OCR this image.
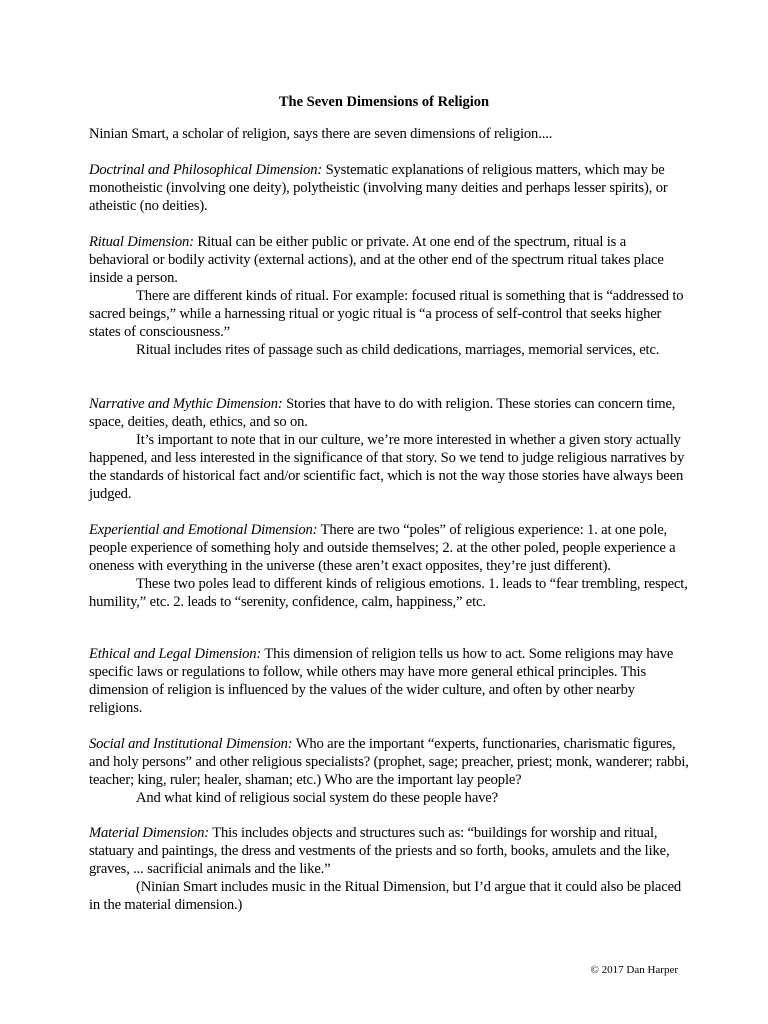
The Seven Dimensions of Religion

Ninian Smart, a scholar of religion, says there are seven dimensions of religion....

Doctrinal and Philosophical Dimension: Systematic explanations of religious matters, which may be monotheistic (involving one deity), polytheistic (involving many deities and perhaps lesser spirits), or atheistic (no deities).

Ritual Dimension: Ritual can be either public or private. At one end of the spectrum, ritual is a behavioral or bodily activity (external actions), and at the other end of the spectrum ritual takes place inside a person.

There are different kinds of ritual. For example: focused ritual is something that is “addressed to sacred beings,” while a harnessing ritual or yogic ritual is “a process of self-control that seeks higher states of consciousness.”

Ritual includes rites of passage such as child dedications, marriages, memorial services, etc.

Narrative and Mythic Dimension: Stories that have to do with religion. These stories can concern time, space, deities, death, ethics, and so on.

It’s important to note that in our culture, we’re more interested in whether a given story actually happened, and less interested in the significance of that story. So we tend to judge religious narratives by the standards of historical fact and/or scientific fact, which is not the way those stories have always been judged.

Experiential and Emotional Dimension: There are two “poles” of religious experience: 1. at one pole, people experience of something holy and outside themselves; 2. at the other poled, people experience a oneness with everything in the universe (these aren’t exact opposites, they’re just different).

These two poles lead to different kinds of religious emotions. 1. leads to “fear trembling, respect, humility,” etc. 2. leads to “serenity, confidence, calm, happiness,” etc.

Ethical and Legal Dimension: This dimension of religion tells us how to act. Some religions may have specific laws or regulations to follow, while others may have more general ethical principles. This dimension of religion is influenced by the values of the wider culture, and often by other nearby religions.

Social and Institutional Dimension: Who are the important “experts, functionaries, charismatic figures, and holy persons” and other religious specialists? (prophet, sage; preacher, priest; monk, wanderer; rabbi, teacher; king, ruler; healer, shaman; etc.) Who are the important lay people?

And what kind of religious social system do these people have?

Material Dimension: This includes objects and structures such as: “buildings for worship and ritual, statuary and paintings, the dress and vestments of the priests and so forth, books, amulets and the like, graves, ... sacrificial animals and the like.”

(Ninian Smart includes music in the Ritual Dimension, but I’d argue that it could also be placed in the material dimension.)

© 2017 Dan Harper
